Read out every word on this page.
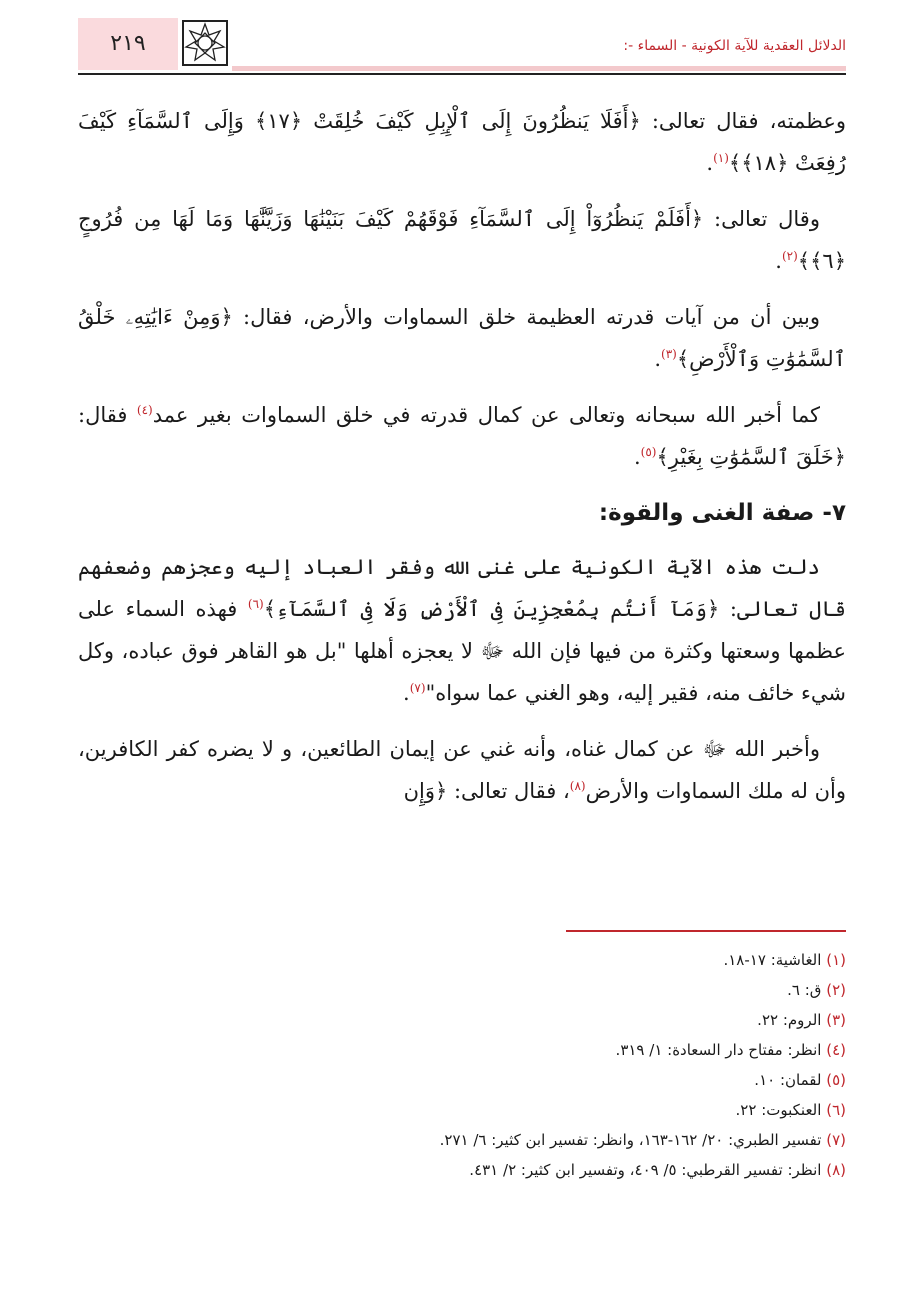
٢١٩	الدلائل العقدية للآية الكونية - السماء -:

وعظمته، فقال تعالى: ﴿أَفَلَا يَنظُرُونَ إِلَى ٱلْإِبِلِ كَيْفَ خُلِقَتْ ﴿١٧﴾ وَإِلَى ٱلسَّمَآءِ كَيْفَ رُفِعَتْ ﴿١٨﴾﴾$^{(١)}$.

وقال تعالى: ﴿أَفَلَمْ يَنظُرُوٓاْ إِلَى ٱلسَّمَآءِ فَوْقَهُمْ كَيْفَ بَنَيْنَٰهَا وَزَيَّنَّٰهَا وَمَا لَهَا مِن فُرُوجٍ ﴿٦﴾﴾$^{(٢)}$.

وبين أن من آيات قدرته العظيمة خلق السماوات والأرض، فقال: ﴿وَمِنْ ءَايَٰتِهِۦ خَلْقُ ٱلسَّمَٰوَٰتِ وَٱلْأَرْضِ﴾$^{(٣)}$.

كما أخبر الله سبحانه وتعالى عن كمال قدرته في خلق السماوات بغير عمد$^{(٤)}$ فقال: ﴿خَلَقَ ٱلسَّمَٰوَٰتِ بِغَيْرِ﴾$^{(٥)}$.

٧- صفة الغنى والقوة:

دلت هذه الآية الكونية على غنى الله وفقر العباد إليه وعجزهم وضعفهم قال تعالى: ﴿وَمَآ أَنتُم بِمُعْجِزِينَ فِى ٱلْأَرْضِ وَلَا فِى ٱلسَّمَآءِ﴾$^{(٦)}$ فهذه السماء على عظمها وسعتها وكثرة من فيها فإن الله ﷻ لا يعجزه أهلها "بل هو القاهر فوق عباده، وكل شيء خائف منه، فقير إليه، وهو الغني عما سواه"$^{(٧)}$.

وأخبر الله ﷻ عن كمال غناه، وأنه غني عن إيمان الطائعين، و لا يضره كفر الكافرين، وأن له ملك السماوات والأرض$^{(٨)}$، فقال تعالى: ﴿وَإِن

(١) الغاشية: ١٧-١٨.
(٢) ق: ٦.
(٣) الروم: ٢٢.
(٤) انظر: مفتاح دار السعادة: ١/ ٣١٩.
(٥) لقمان: ١٠.
(٦) العنكبوت: ٢٢.
(٧) تفسير الطبري: ٢٠/ ١٦٢-١٦٣، وانظر: تفسير ابن كثير: ٦/ ٢٧١.
(٨) انظر: تفسير القرطبي: ٥/ ٤٠٩، وتفسير ابن كثير: ٢/ ٤٣١.
